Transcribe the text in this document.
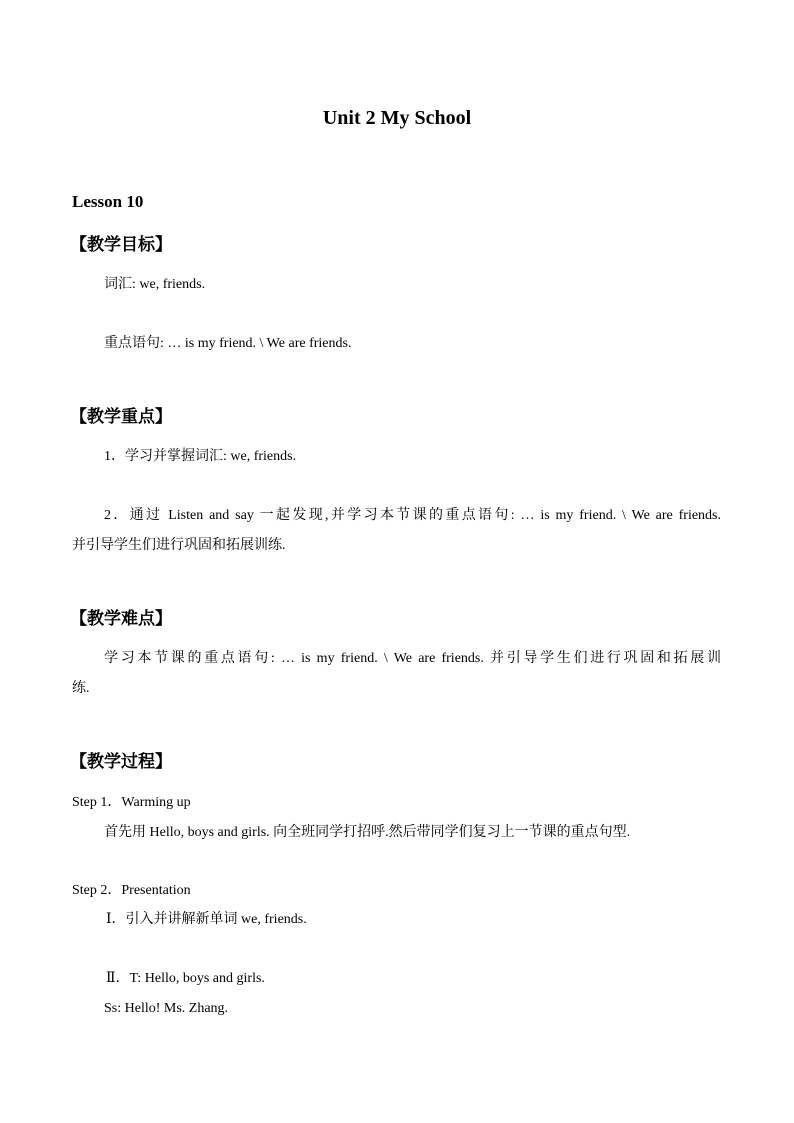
Unit 2 My School
Lesson 10
【教学目标】
词汇: we, friends.
重点语句: … is my friend. \ We are friends.
【教学重点】
1．学习并掌握词汇: we, friends.
2．通过 Listen and say 一起发现,并学习本节课的重点语句: … is my friend. \ We are friends.
并引导学生们进行巩固和拓展训练.
【教学难点】
学习本节课的重点语句: … is my friend. \ We are friends. 并引导学生们进行巩固和拓展训
练.
【教学过程】
Step 1．Warming up
首先用 Hello, boys and girls. 向全班同学打招呼.然后带同学们复习上一节课的重点句型.
Step 2．Presentation
Ⅰ．引入并讲解新单词 we, friends.
Ⅱ．T: Hello, boys and girls.
Ss: Hello! Ms. Zhang.
